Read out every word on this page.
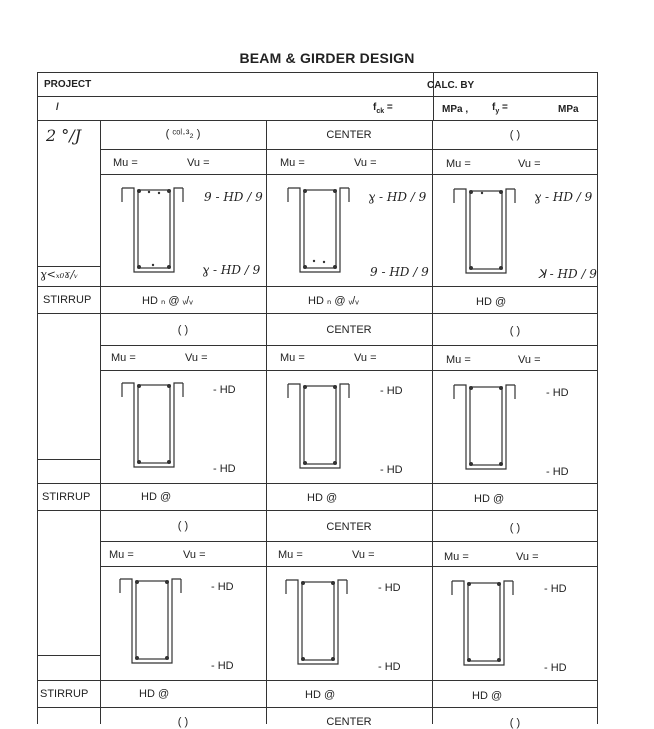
BEAM & GIRDER DESIGN
PROJECT	CALC. BY
/	$f_{ck}$ =	MPa , $f_y$ =	MPa
2 °/J
ɣ<ₓ₀ɤ/ᵥ
( ᶜᵒˡ·³₂ )	CENTER	( )
Mu =	Vu =	Mu =	Vu =	Mu =	Vu =
9 - HD / 9	ɣ - HD / 9	ɣ - HD / 9
ɣ - HD / 9	9 - HD / 9	ꓘ - HD / 9
STIRRUP	HD ₙ @ ᵥ/ᵥ	HD ₙ @ ᵥ/ᵥ	HD @
( )	CENTER	( )
Mu =	Vu =	Mu =	Vu =	Mu =	Vu =
- HD	- HD	- HD
- HD	- HD	- HD
STIRRUP	HD @	HD @	HD @
( )	CENTER	( )
Mu =	Vu =	Mu =	Vu =	Mu =	Vu =
- HD	- HD	- HD
- HD	- HD	- HD
STIRRUP	HD @	HD @	HD @
( )	CENTER	( )
